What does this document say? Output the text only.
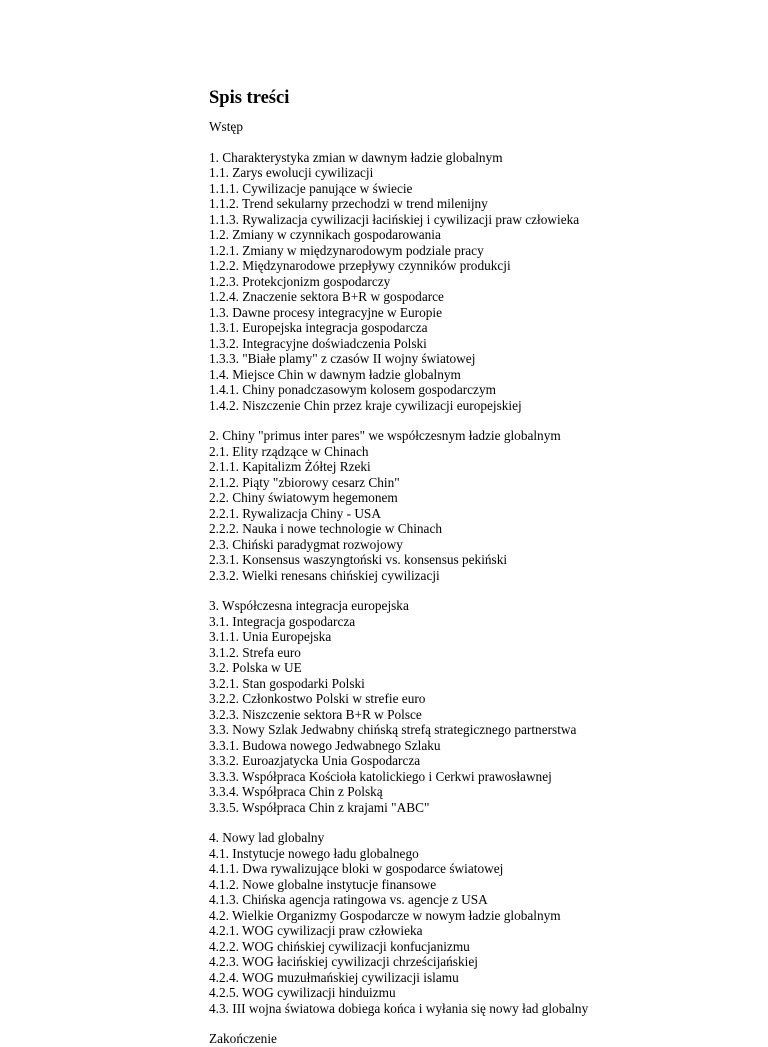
Spis treści
Wstęp
1. Charakterystyka zmian w dawnym ładzie globalnym
1.1. Zarys ewolucji cywilizacji
1.1.1. Cywilizacje panujące w świecie
1.1.2. Trend sekularny przechodzi w trend milenijny
1.1.3. Rywalizacja cywilizacji łacińskiej i cywilizacji praw człowieka
1.2. Zmiany w czynnikach gospodarowania
1.2.1. Zmiany w międzynarodowym podziale pracy
1.2.2. Międzynarodowe przepływy czynników produkcji
1.2.3. Protekcjonizm gospodarczy
1.2.4. Znaczenie sektora B+R w gospodarce
1.3. Dawne procesy integracyjne w Europie
1.3.1. Europejska integracja gospodarcza
1.3.2. Integracyjne doświadczenia Polski
1.3.3. "Białe plamy" z czasów II wojny światowej
1.4. Miejsce Chin w dawnym ładzie globalnym
1.4.1. Chiny ponadczasowym kolosem gospodarczym
1.4.2. Niszczenie Chin przez kraje cywilizacji europejskiej
2. Chiny "primus inter pares" we współczesnym ładzie globalnym
2.1. Elity rządzące w Chinach
2.1.1. Kapitalizm Żółtej Rzeki
2.1.2. Piąty "zbiorowy cesarz Chin"
2.2. Chiny światowym hegemonem
2.2.1. Rywalizacja Chiny - USA
2.2.2. Nauka i nowe technologie w Chinach
2.3. Chiński paradygmat rozwojowy
2.3.1. Konsensus waszyngtoński vs. konsensus pekiński
2.3.2. Wielki renesans chińskiej cywilizacji
3. Współczesna integracja europejska
3.1. Integracja gospodarcza
3.1.1. Unia Europejska
3.1.2. Strefa euro
3.2. Polska w UE
3.2.1. Stan gospodarki Polski
3.2.2. Członkostwo Polski w strefie euro
3.2.3. Niszczenie sektora B+R w Polsce
3.3. Nowy Szlak Jedwabny chińską strefą strategicznego partnerstwa
3.3.1. Budowa nowego Jedwabnego Szlaku
3.3.2. Euroazjatycka Unia Gospodarcza
3.3.3. Współpraca Kościoła katolickiego i Cerkwi prawosławnej
3.3.4. Współpraca Chin z Polską
3.3.5. Współpraca Chin z krajami "ABC"
4. Nowy lad globalny
4.1. Instytucje nowego ładu globalnego
4.1.1. Dwa rywalizujące bloki w gospodarce światowej
4.1.2. Nowe globalne instytucje finansowe
4.1.3. Chińska agencja ratingowa vs. agencje z USA
4.2. Wielkie Organizmy Gospodarcze w nowym ładzie globalnym
4.2.1. WOG cywilizacji praw człowieka
4.2.2. WOG chińskiej cywilizacji konfucjanizmu
4.2.3. WOG łacińskiej cywilizacji chrześcijańskiej
4.2.4. WOG muzułmańskiej cywilizacji islamu
4.2.5. WOG cywilizacji hinduizmu
4.3. III wojna światowa dobiega końca i wyłania się nowy ład globalny
Zakończenie
